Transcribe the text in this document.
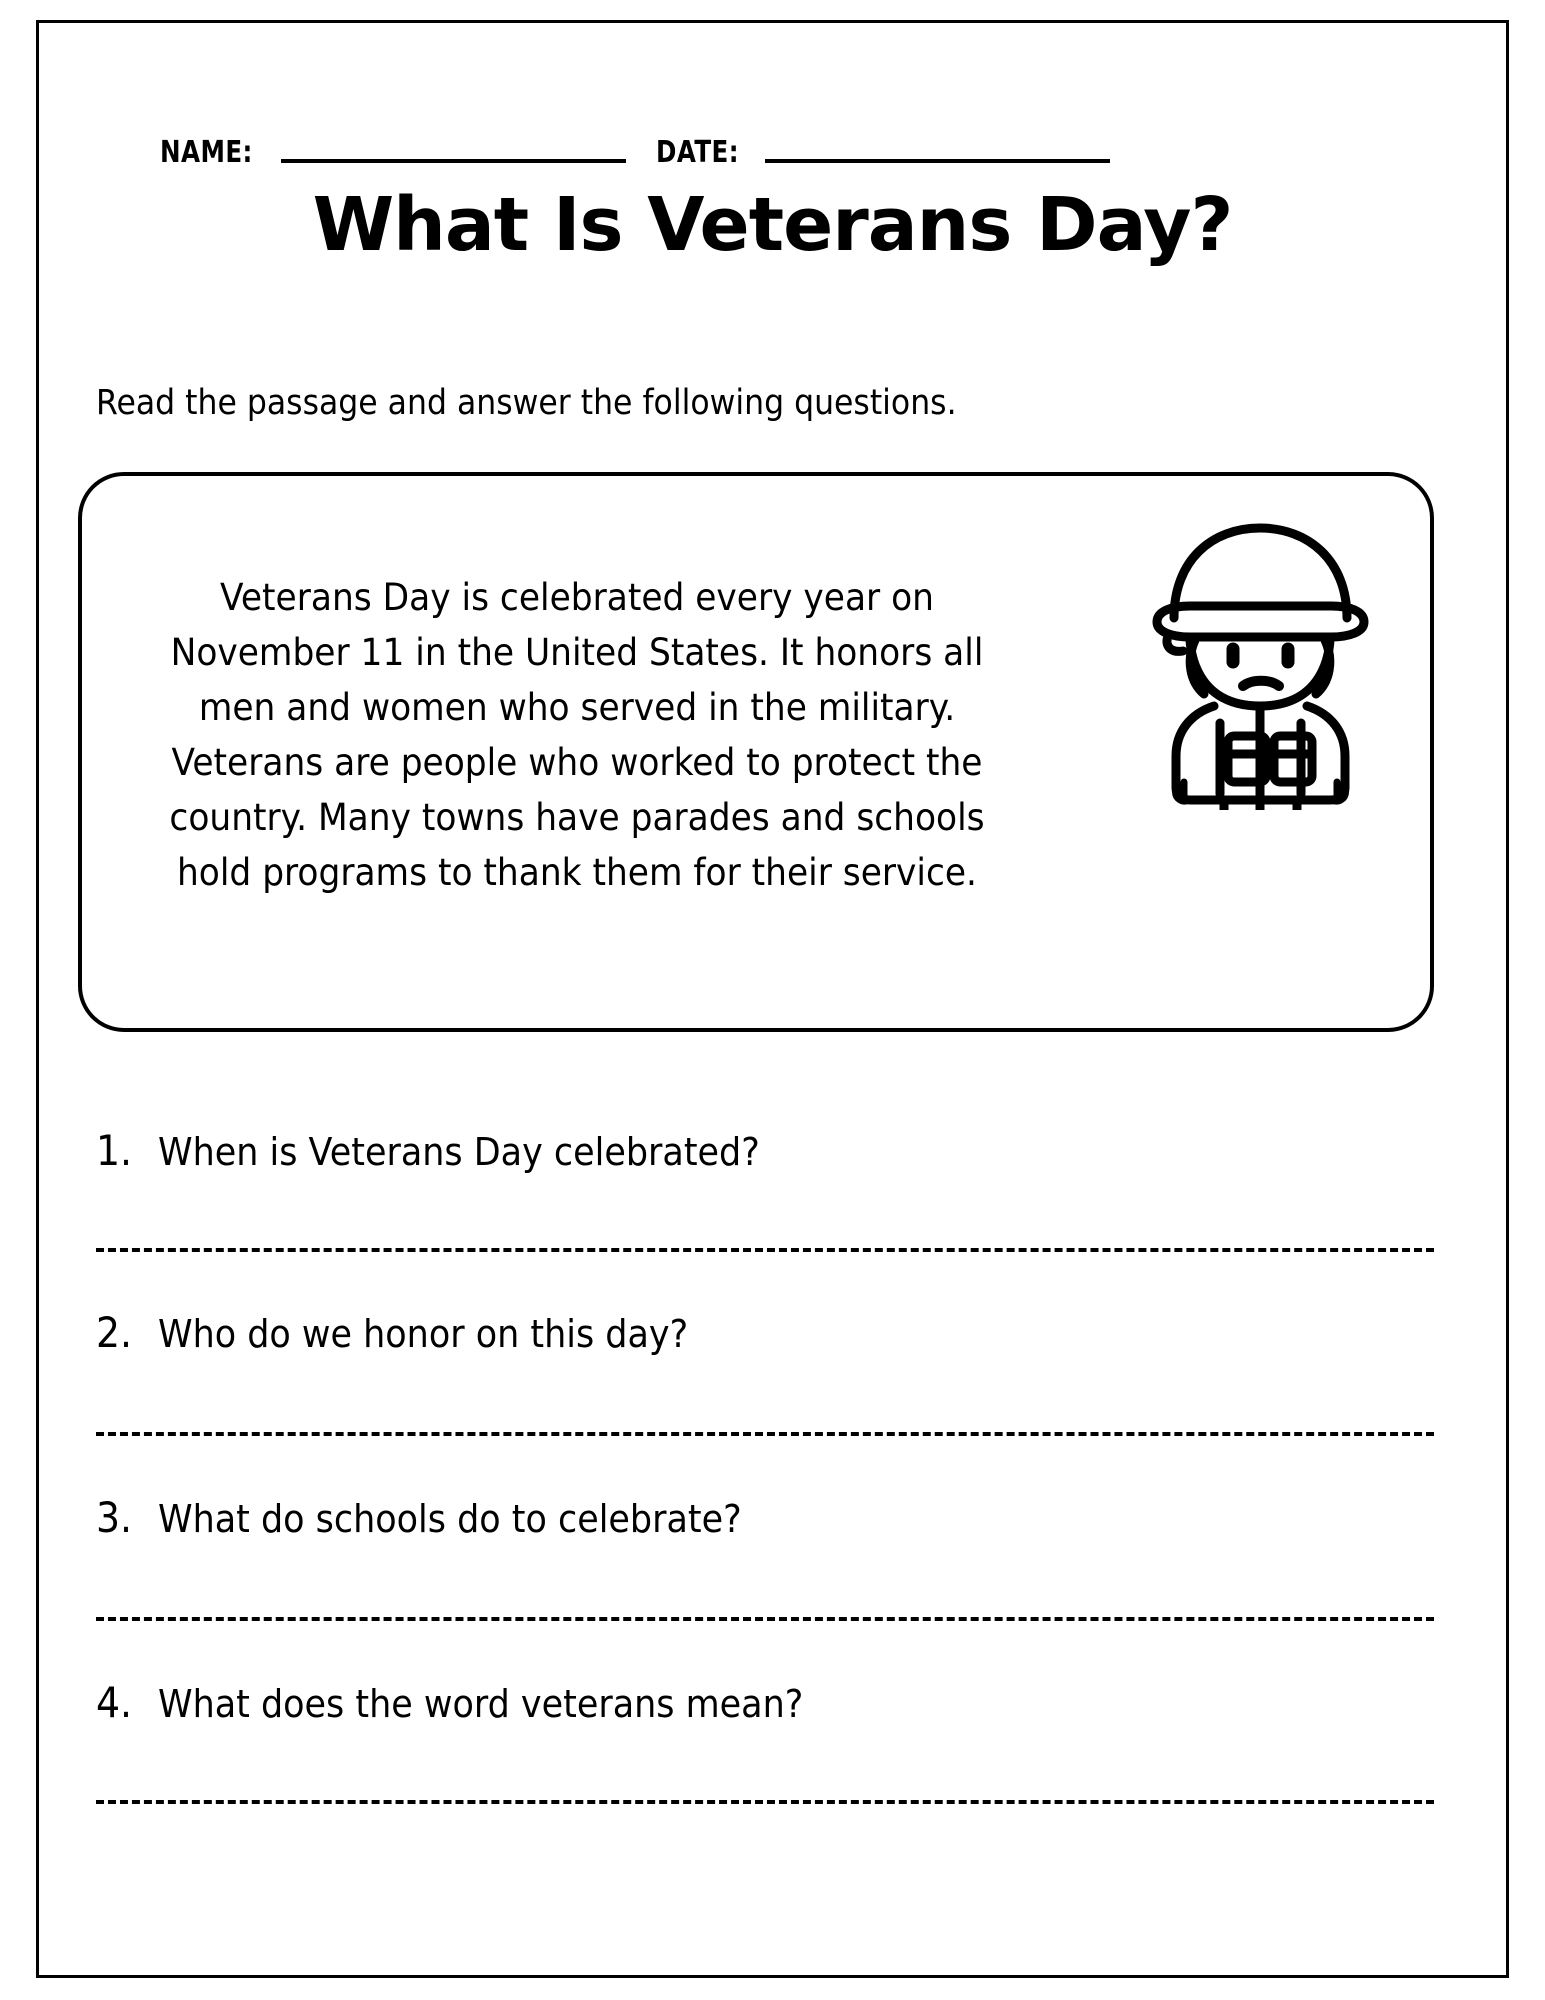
NAME:	DATE:
What Is Veterans Day?
Read the passage and answer the following questions.
Veterans Day is celebrated every year on November 11 in the United States. It honors all men and women who served in the military. Veterans are people who worked to protect the country. Many towns have parades and schools hold programs to thank them for their service.
1. When is Veterans Day celebrated?
2. Who do we honor on this day?
3. What do schools do to celebrate?
4. What does the word veterans mean?
